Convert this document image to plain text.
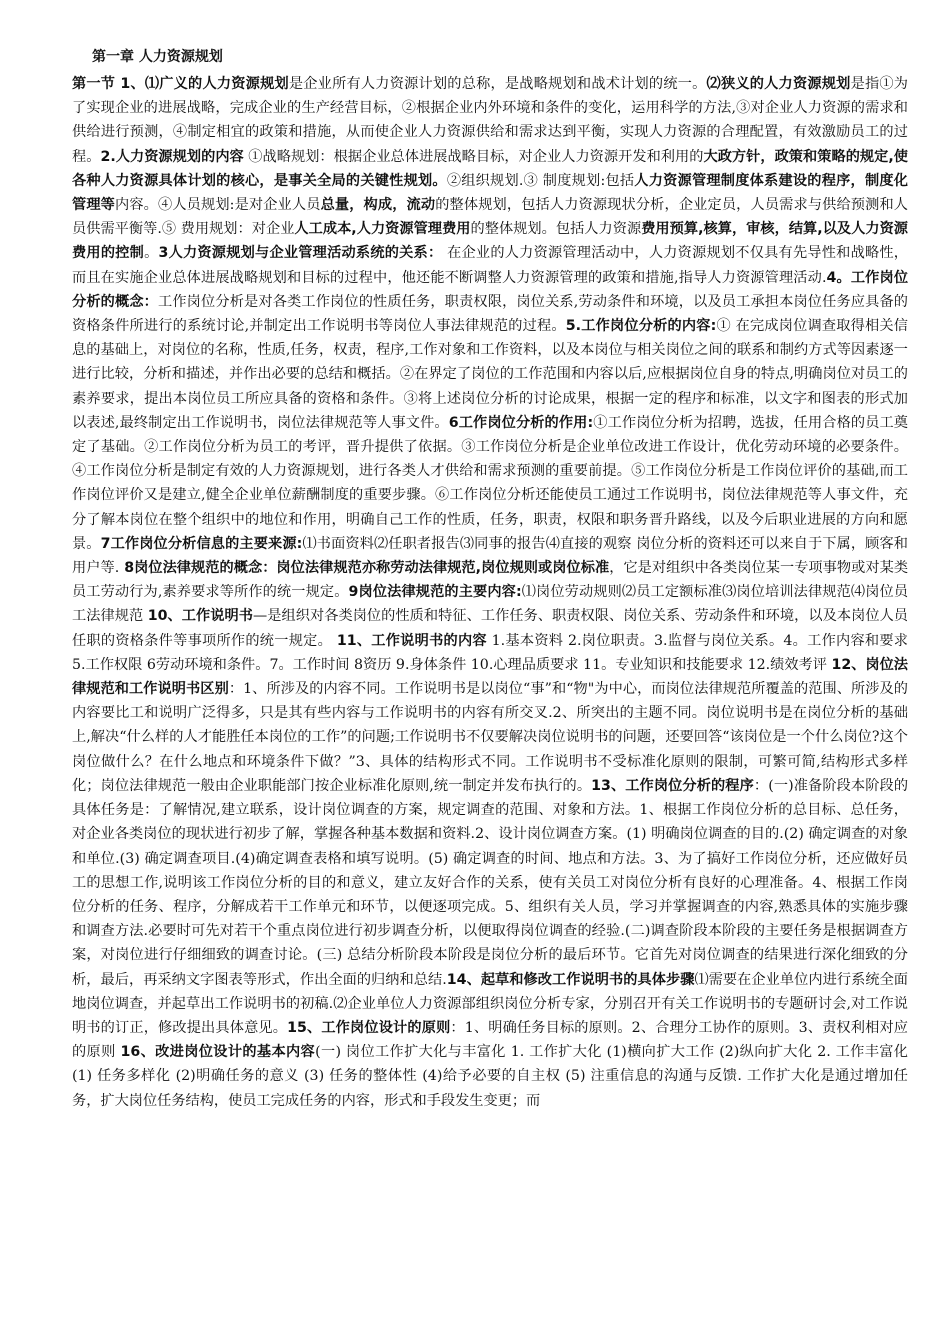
第一章 人力资源规划
第一节 1、⑴广义的人力资源规划是企业所有人力资源计划的总称，是战略规划和战术计划的统一。⑵狭义的人力资源规划是指①为了实现企业的进展战略，完成企业的生产经营目标，②根据企业内外环境和条件的变化，运用科学的方法,③对企业人力资源的需求和供给进行预测，④制定相宜的政策和措施，从而使企业人力资源供给和需求达到平衡，实现人力资源的合理配置，有效激励员工的过程。2.人力资源规划的内容 ①战略规划：根据企业总体进展战略目标，对企业人力资源开发和利用的大政方针，政策和策略的规定,使各种人力资源具体计划的核心，是事关全局的关键性规划。②组织规划.③ 制度规划:包括人力资源管理制度体系建设的程序，制度化管理等内容。④人员规划:是对企业人员总量，构成，流动的整体规划，包括人力资源现状分析，企业定员，人员需求与供给预测和人员供需平衡等.⑤ 费用规划：对企业人工成本,人力资源管理费用的整体规划。包括人力资源费用预算,核算，审核，结算,以及人力资源费用的控制。3人力资源规划与企业管理活动系统的关系： 在企业的人力资源管理活动中，人力资源规划不仅具有先导性和战略性，而且在实施企业总体进展战略规划和目标的过程中，他还能不断调整人力资源管理的政策和措施,指导人力资源管理活动.4。工作岗位分析的概念：工作岗位分析是对各类工作岗位的性质任务，职责权限，岗位关系,劳动条件和环境，以及员工承担本岗位任务应具备的资格条件所进行的系统讨论,并制定出工作说明书等岗位人事法律规范的过程。5.工作岗位分析的内容:① 在完成岗位调查取得相关信息的基础上，对岗位的名称，性质,任务，权责，程序,工作对象和工作资料，以及本岗位与相关岗位之间的联系和制约方式等因素逐一进行比较，分析和描述，并作出必要的总结和概括。②在界定了岗位的工作范围和内容以后,应根据岗位自身的特点,明确岗位对员工的素养要求，提出本岗位员工所应具备的资格和条件。③将上述岗位分析的讨论成果，根据一定的程序和标准，以文字和图表的形式加以表述,最终制定出工作说明书，岗位法律规范等人事文件。6工作岗位分析的作用:①工作岗位分析为招聘，选拔，任用合格的员工奠定了基础。②工作岗位分析为员工的考评，晋升提供了依据。③工作岗位分析是企业单位改进工作设计，优化劳动环境的必要条件。④工作岗位分析是制定有效的人力资源规划，进行各类人才供给和需求预测的重要前提。⑤工作岗位分析是工作岗位评价的基础,而工作岗位评价又是建立,健全企业单位薪酬制度的重要步骤。⑥工作岗位分析还能使员工通过工作说明书，岗位法律规范等人事文件，充分了解本岗位在整个组织中的地位和作用，明确自己工作的性质，任务，职责，权限和职务晋升路线，以及今后职业进展的方向和愿景。7工作岗位分析信息的主要来源:⑴书面资料⑵任职者报告⑶同事的报告⑷直接的观察 岗位分析的资料还可以来自于下属，顾客和用户等. 8岗位法律规范的概念：岗位法律规范亦称劳动法律规范,岗位规则或岗位标准，它是对组织中各类岗位某一专项事物或对某类员工劳动行为,素养要求等所作的统一规定。9岗位法律规范的主要内容:⑴岗位劳动规则⑵员工定额标准⑶岗位培训法律规范⑷岗位员工法律规范 10、工作说明书—是组织对各类岗位的性质和特征、工作任务、职责权限、岗位关系、劳动条件和环境，以及本岗位人员任职的资格条件等事项所作的统一规定。 11、工作说明书的内容 1.基本资料 2.岗位职责。3.监督与岗位关系。4。工作内容和要求 5.工作权限 6劳动环境和条件。7。工作时间 8资历 9.身体条件 10.心理品质要求 11。专业知识和技能要求 12.绩效考评 12、岗位法律规范和工作说明书区别：1、所涉及的内容不同。工作说明书是以岗位“事”和“物"为中心，而岗位法律规范所覆盖的范围、所涉及的内容要比工和说明广泛得多，只是其有些内容与工作说明书的内容有所交叉.2、所突出的主题不同。岗位说明书是在岗位分析的基础上,解决“什么样的人才能胜任本岗位的工作”的问题;工作说明书不仅要解决岗位说明书的问题，还要回答“该岗位是一个什么岗位?这个岗位做什么？在什么地点和环境条件下做？”3、具体的结构形式不同。工作说明书不受标准化原则的限制，可繁可简,结构形式多样化；岗位法律规范一般由企业职能部门按企业标准化原则,统一制定并发布执行的。13、工作岗位分析的程序：(一)准备阶段本阶段的具体任务是：了解情况,建立联系，设计岗位调查的方案，规定调查的范围、对象和方法。1、根据工作岗位分析的总目标、总任务，对企业各类岗位的现状进行初步了解，掌握各种基本数据和资料.2、设计岗位调查方案。(1) 明确岗位调查的目的.(2) 确定调查的对象和单位.(3) 确定调查项目.(4)确定调查表格和填写说明。(5) 确定调查的时间、地点和方法。3、为了搞好工作岗位分析，还应做好员工的思想工作,说明该工作岗位分析的目的和意义，建立友好合作的关系，使有关员工对岗位分析有良好的心理准备。4、根据工作岗位分析的任务、程序，分解成若干工作单元和环节，以便逐项完成。5、组织有关人员，学习并掌握调查的内容,熟悉具体的实施步骤和调查方法.必要时可先对若干个重点岗位进行初步调查分析，以便取得岗位调查的经验.(二)调查阶段本阶段的主要任务是根据调查方案，对岗位进行仔细细致的调查讨论。(三) 总结分析阶段本阶段是岗位分析的最后环节。它首先对岗位调查的结果进行深化细致的分析，最后，再采纳文字图表等形式，作出全面的归纳和总结.14、起草和修改工作说明书的具体步骤⑴需要在企业单位内进行系统全面地岗位调查，并起草出工作说明书的初稿.⑵企业单位人力资源部组织岗位分析专家，分别召开有关工作说明书的专题研讨会,对工作说明书的订正，修改提出具体意见。15、工作岗位设计的原则：1、明确任务目标的原则。2、合理分工协作的原则。3、责权利相对应的原则 16、改进岗位设计的基本内容(一) 岗位工作扩大化与丰富化 1. 工作扩大化 (1)横向扩大工作 (2)纵向扩大化 2. 工作丰富化 (1) 任务多样化 (2)明确任务的意义 (3) 任务的整体性 (4)给予必要的自主权 (5) 注重信息的沟通与反馈. 工作扩大化是通过增加任务，扩大岗位任务结构，使员工完成任务的内容，形式和手段发生变更；而
